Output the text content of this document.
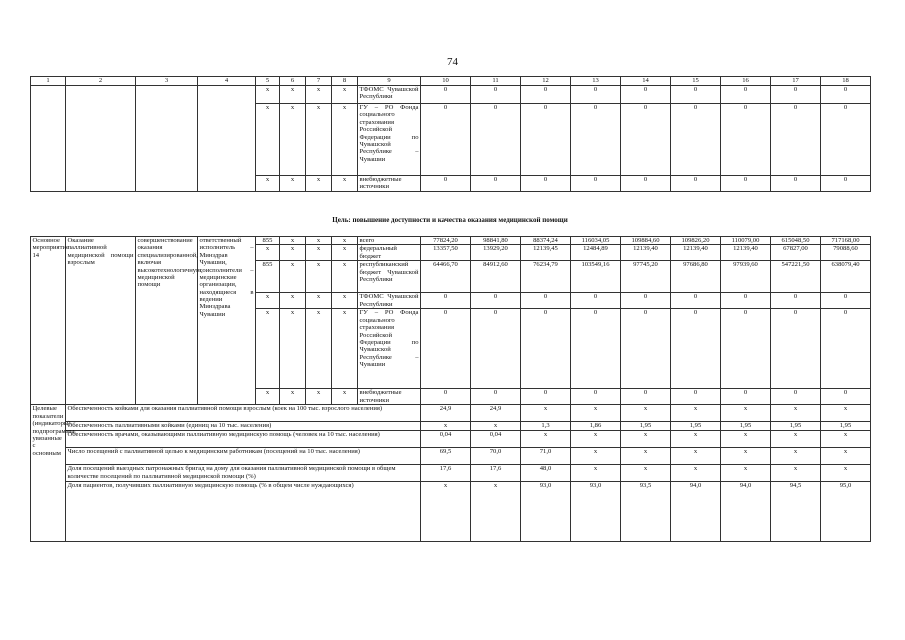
74
1	2	3	4	5	6	7	8	9	10	11	12	13	14	15	16	17	18
				х	х	х	х	ТФОМС Чувашской Республики	0	0	0	0	0	0	0	0	0
				х	х	х	х	ГУ – РО Фонда социального страхования Российской Федерации по Чувашской Республике – Чувашии	0	0	0	0	0	0	0	0	0
				х	х	х	х	внебюджетные источники	0	0	0	0	0	0	0	0	0
Цель: повышение доступности и качества оказания медицинской помощи
Основное мероприятие 14	Оказание паллиативной медицинской помощи взрослым	совершенствование оказания специализированной, включая высокотехнологичную, медицинской помощи	ответственный исполнитель – Минздрав Чувашии, соисполнители – медицинские организации, находящиеся в ведении Минздрава Чувашии	855	х	х	х	всего	77824,20	98841,80	88374,24	116034,05	109884,60	109826,20	110079,00	615048,50	717168,00
				х	х	х	х	федеральный бюджет	13357,50	13929,20	12139,45	12484,89	12139,40	12139,40	12139,40	67827,00	79088,60
				855	х	х	х	республиканский бюджет Чувашской Республики	64466,70	84912,60	76234,79	103549,16	97745,20	97686,80	97939,60	547221,50	638079,40
				х	х	х	х	ТФОМС Чувашской Республики	0	0	0	0	0	0	0	0	0
				х	х	х	х	ГУ – РО Фонда социального страхования Российской Федерации по Чувашской Республике – Чувашии	0	0	0	0	0	0	0	0	0
				х	х	х	х	внебюджетные источники	0	0	0	0	0	0	0	0	0
Целевые показатели (индикаторы) подпрограммы, увязанные с основным	Обеспеченность койками для оказания паллиативной помощи взрослым (коек на 100 тыс. взрослого населения)								24,9	24,9	х	х	х	х	х	х	х
	Обеспеченность паллиативными койками (единиц на 10 тыс. населения)								х	х	1,3	1,86	1,95	1,95	1,95	1,95	1,95
	Обеспеченность врачами, оказывающими паллиативную медицинскую помощь (человек на 10 тыс. населения)								0,04	0,04	х	х	х	х	х	х	х
	Число посещений с паллиативной целью к медицинским работникам (посещений на 10 тыс. населения)								69,5	70,0	71,0	х	х	х	х	х	х
	Доля посещений выездных патронажных бригад на дому для оказания паллиативной медицинской помощи в общем количестве посещений по паллиативной медицинской помощи (%)								17,6	17,6	48,0	х	х	х	х	х	х
	Доля пациентов, получивших паллиативную медицинскую помощь (% в общем числе нуждающихся)								х	х	93,0	93,0	93,5	94,0	94,0	94,5	95,0
